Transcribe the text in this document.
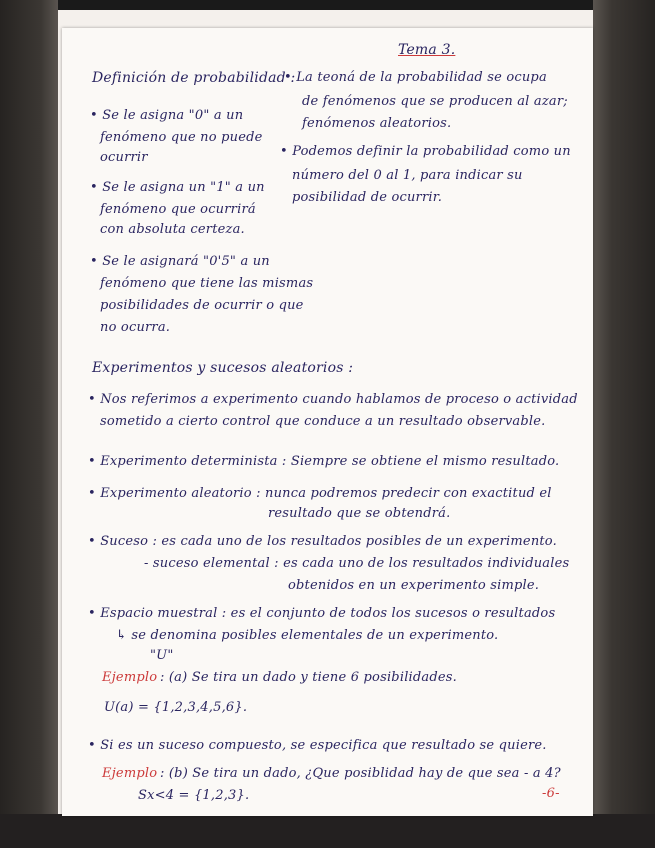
Tema 3.
Definición de probabilidad :
• La teoná de la probabilidad se ocupa
de fenómenos que se producen al azar;
fenómenos aleatorios.
• Podemos definir la probabilidad como un
número del 0 al 1, para indicar su
posibilidad de ocurrir.
• Se le asigna "0" a un
fenómeno que no puede
ocurrir
• Se le asigna un "1" a un
fenómeno que ocurrirá
con absoluta certeza.
• Se le asignará "0'5" a un
fenómeno que tiene las mismas
posibilidades de ocurrir o que
no ocurra.
Experimentos y sucesos aleatorios :
• Nos referimos a experimento cuando hablamos de proceso o actividad
sometido a cierto control que conduce a un resultado observable.
• Experimento determinista : Siempre se obtiene el mismo resultado.
• Experimento aleatorio : nunca podremos predecir con exactitud el
resultado que se obtendrá.
• Suceso : es cada uno de los resultados posibles de un experimento.
- suceso elemental : es cada uno de los resultados individuales
obtenidos en un experimento simple.
• Espacio muestral : es el conjunto de todos los sucesos o resultados
↳ se denomina posibles elementales de un experimento.
"U"
Ejemplo : (a) Se tira un dado y tiene 6 posibilidades.
U(a) = {1,2,3,4,5,6}.
• Si es un suceso compuesto, se especifica que resultado se quiere.
Ejemplo : (b) Se tira un dado, ¿Que posiblidad hay de que sea - a 4?
Sx<4 = {1,2,3}.	-6-
